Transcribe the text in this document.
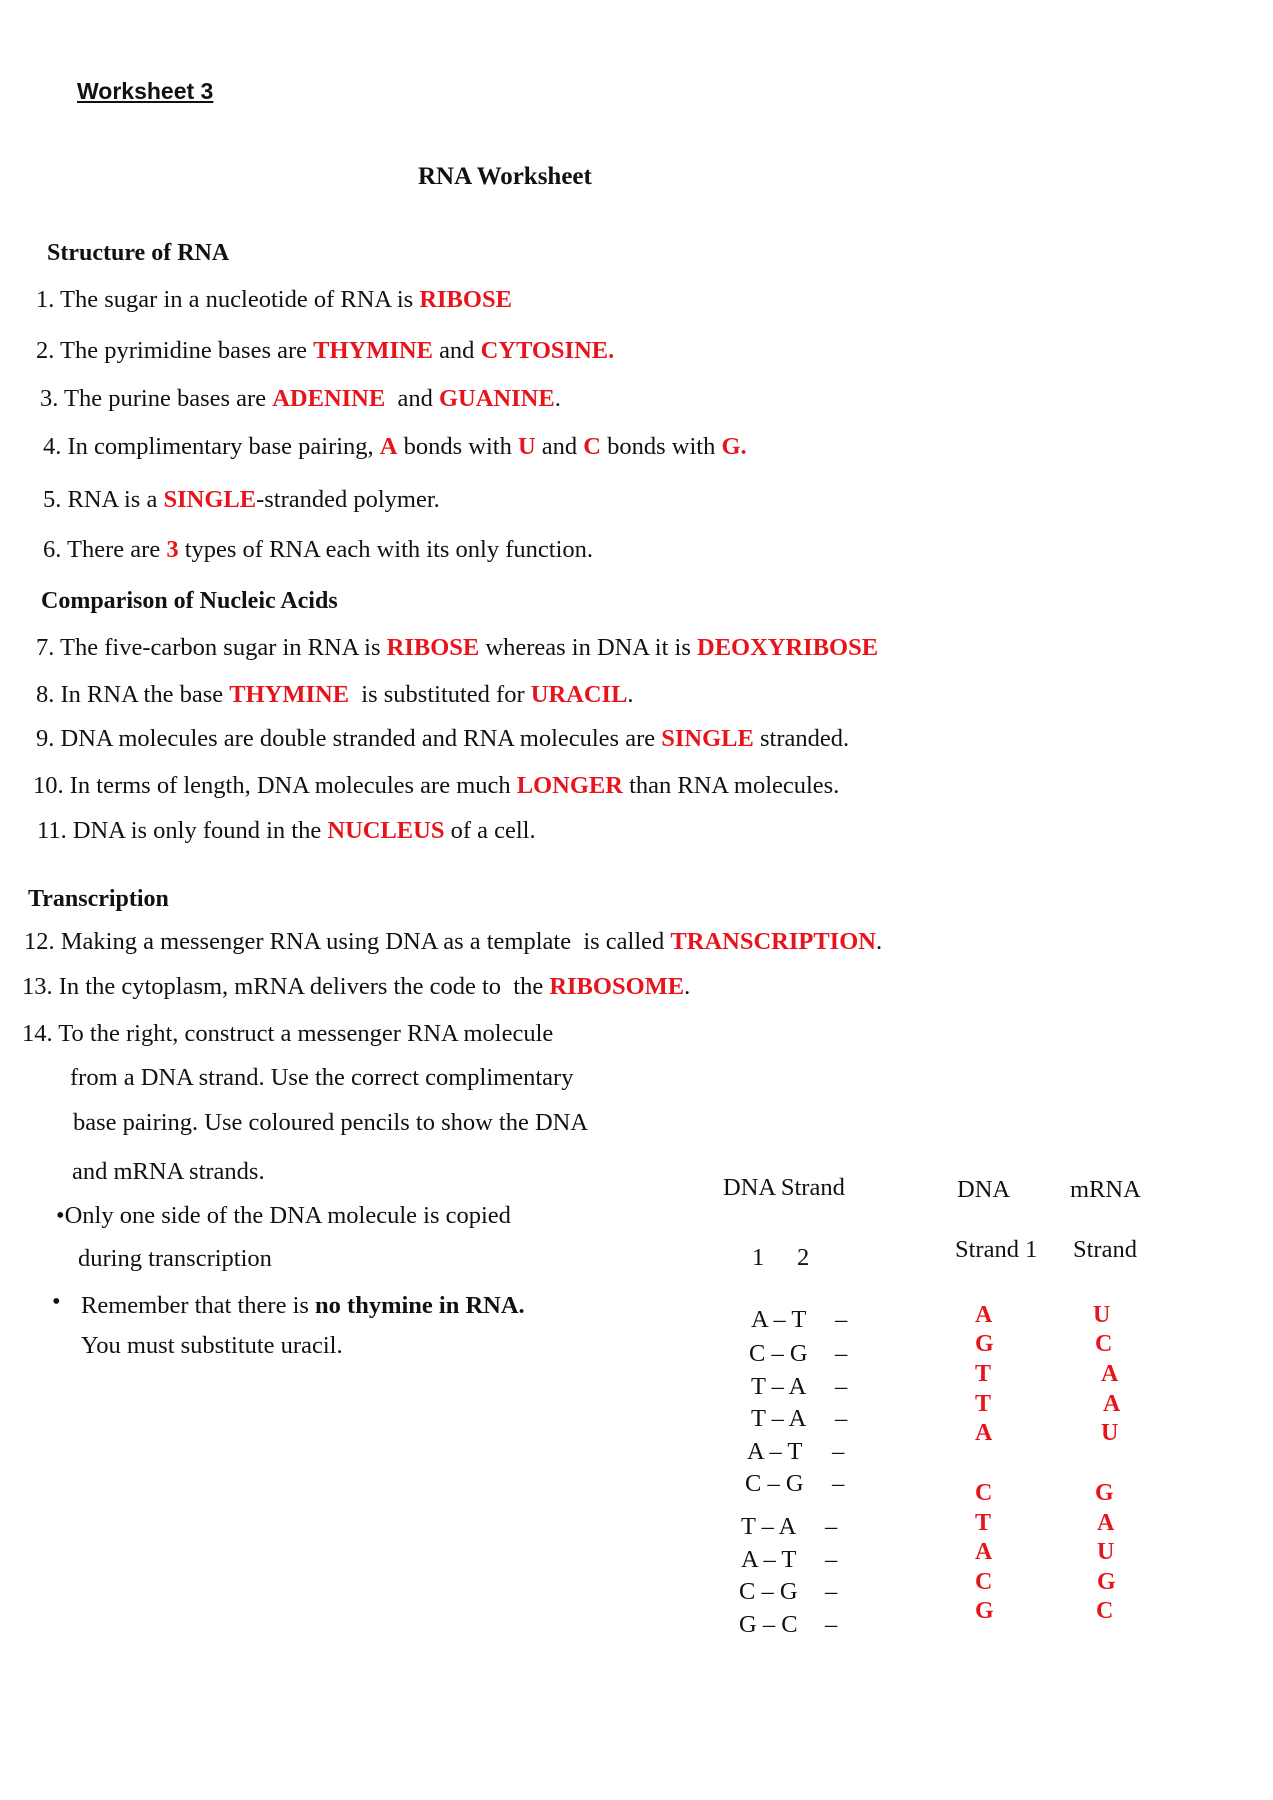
Worksheet 3
RNA Worksheet
Structure of RNA
1. The sugar in a nucleotide of RNA is RIBOSE
2. The pyrimidine bases are THYMINE and CYTOSINE.
3. The purine bases are ADENINE  and GUANINE.
4. In complimentary base pairing, A bonds with U and C bonds with G.
5. RNA is a SINGLE-stranded polymer.
6. There are 3 types of RNA each with its only function.
Comparison of Nucleic Acids
7. The five-carbon sugar in RNA is RIBOSE whereas in DNA it is DEOXYRIBOSE
8. In RNA the base THYMINE  is substituted for URACIL.
9. DNA molecules are double stranded and RNA molecules are SINGLE stranded.
10. In terms of length, DNA molecules are much LONGER than RNA molecules.
11. DNA is only found in the NUCLEUS of a cell.
Transcription
12. Making a messenger RNA using DNA as a template  is called TRANSCRIPTION.
13. In the cytoplasm, mRNA delivers the code to  the RIBOSOME.
14. To the right, construct a messenger RNA molecule
from a DNA strand. Use the correct complimentary
base pairing. Use coloured pencils to show the DNA
and mRNA strands.
•Only one side of the DNA molecule is copied
during transcription
• Remember that there is no thymine in RNA.
You must substitute uracil.
DNA Strand
1 2
DNA
Strand 1
mRNA
Strand
A – T
C – G
T – A
T – A
A – T
C – G
T – A
A – T
C – G
G – C
–
–
–
–
–
–
–
–
–
–
A
G
T
T
A
C
T
A
C
G
U
C
A
A
U
G
A
U
G
C
